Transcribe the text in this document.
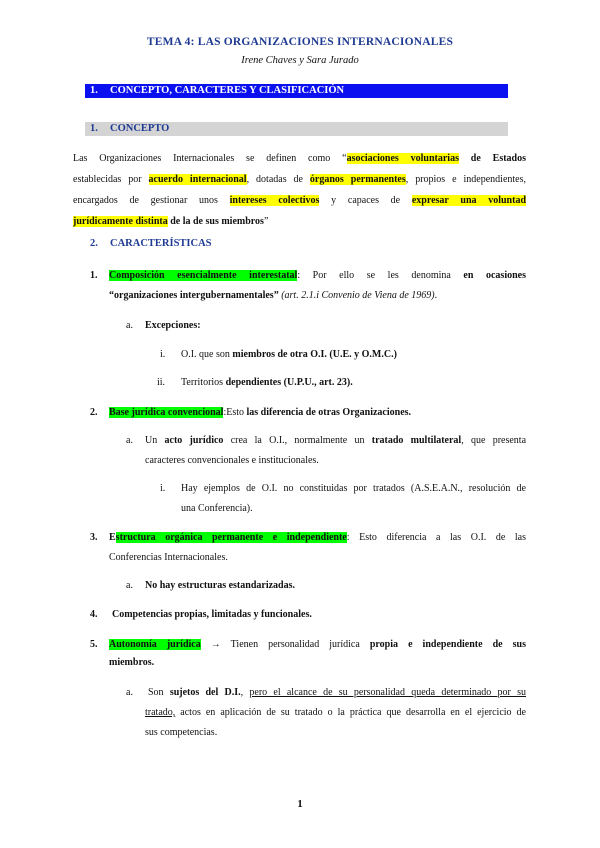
TEMA 4: LAS ORGANIZACIONES INTERNACIONALES
Irene Chaves y Sara Jurado
1. CONCEPTO, CARACTERES Y CLASIFICACIÓN
1. CONCEPTO
Las Organizaciones Internacionales se definen como “asociaciones voluntarias de Estados
establecidas por acuerdo internacional, dotadas de órganos permanentes, propios e independientes,
encargados de gestionar unos intereses colectivos y capaces de expresar una voluntad
jurídicamente distinta de la de sus miembros”
2. CARACTERÍSTICAS
1. Composición esencialmente interestatal: Por ello se les denomina en ocasiones
“organizaciones intergubernamentales” (art. 2.1.i Convenio de Viena de 1969).
a. Excepciones:
i. O.I. que son miembros de otra O.I. (U.E. y O.M.C.)
ii. Territorios dependientes (U.P.U., art. 23).
2. Base jurídica convencional:Esto las diferencia de otras Organizaciones.
a. Un acto jurídico crea la O.I., normalmente un tratado multilateral, que presenta
caracteres convencionales e institucionales.
i. Hay ejemplos de O.I. no constituidas por tratados (A.S.E.A.N., resolución de
una Conferencia).
3. Estructura orgánica permanente e independiente: Esto diferencia a las O.I. de las
Conferencias Internacionales.
a. No hay estructuras estandarizadas.
4. Competencias propias, limitadas y funcionales.
5. Autonomía jurídica → Tienen personalidad jurídica propia e independiente de sus
miembros.
a. Son sujetos del D.I., pero el alcance de su personalidad queda determinado por su
tratado, actos en aplicación de su tratado o la práctica que desarrolla en el ejercicio de
sus competencias.
1
